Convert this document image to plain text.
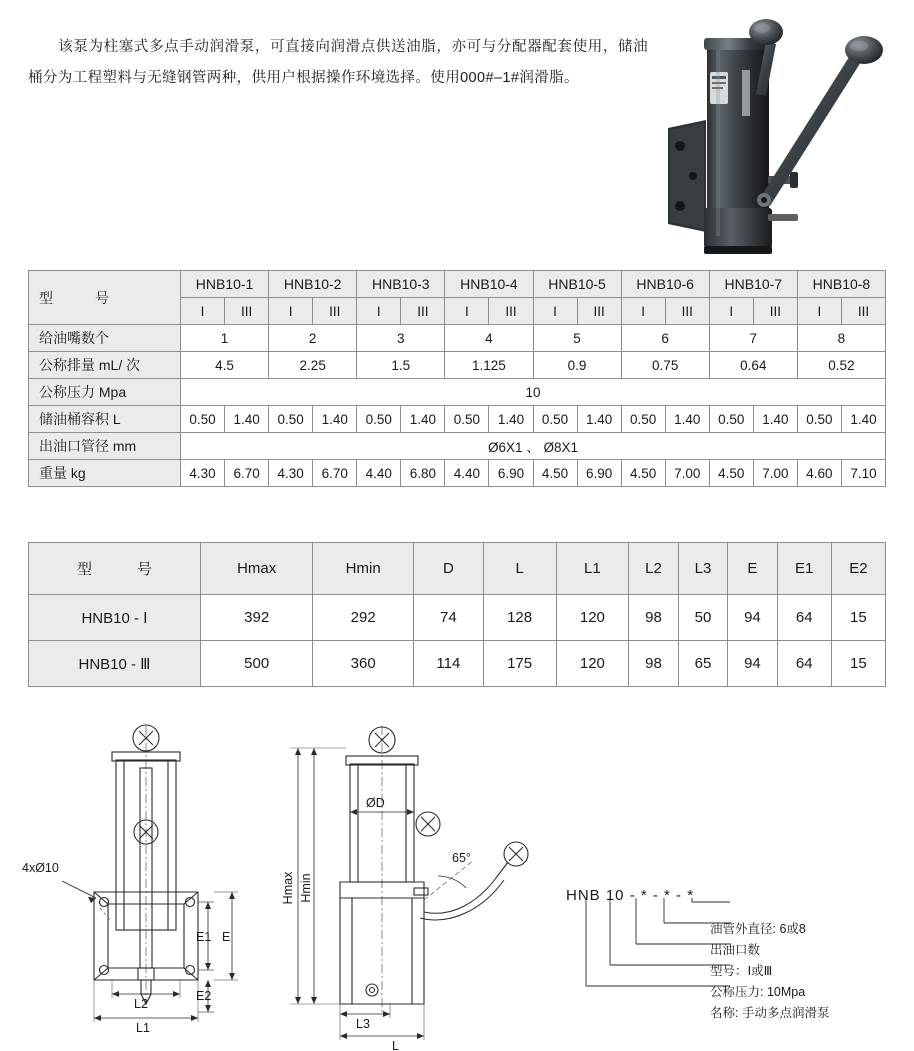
该泵为柱塞式多点手动润滑泵，可直接向润滑点供送油脂，亦可与分配器配套使用，储油桶分为工程塑料与无缝钢管两种，供用户根据操作环境选择。使用000#–1#润滑脂。
型　　　号	HNB10-1		HNB10-2		HNB10-3		HNB10-4		HNB10-5		HNB10-6		HNB10-7		HNB10-8	
	I	III	I	III	I	III	I	III	I	III	I	III	I	III	I	III
给油嘴数个	1		2		3		4		5		6		7		8	
公称排量 mL/ 次	4.5		2.25		1.5		1.125		0.9		0.75		0.64		0.52	
公称压力 Mpa	10															
储油桶容积 L	0.50	1.40	0.50	1.40	0.50	1.40	0.50	1.40	0.50	1.40	0.50	1.40	0.50	1.40	0.50	1.40
出油口管径 mm	Ø6X1 、 Ø8X1															
重量 kg	4.30	6.70	4.30	6.70	4.40	6.80	4.40	6.90	4.50	6.90	4.50	7.00	4.50	7.00	4.60	7.10
型　　　号	Hmax	Hmin	D	L	L1	L2	L3	E	E1	E2
HNB10 - Ⅰ	392	292	74	128	120	98	50	94	64	15
HNB10 - Ⅲ	500	360	114	175	120	98	65	94	64	15
4xØ10
E1 E
E2
L2
L1
Hmax Hmin
ØD
65°
L3
L
HNB 10 - * - * - *
油管外直径: 6或8
出油口数
型号：Ⅰ或Ⅲ
公称压力: 10Mpa
名称: 手动多点润滑泵
